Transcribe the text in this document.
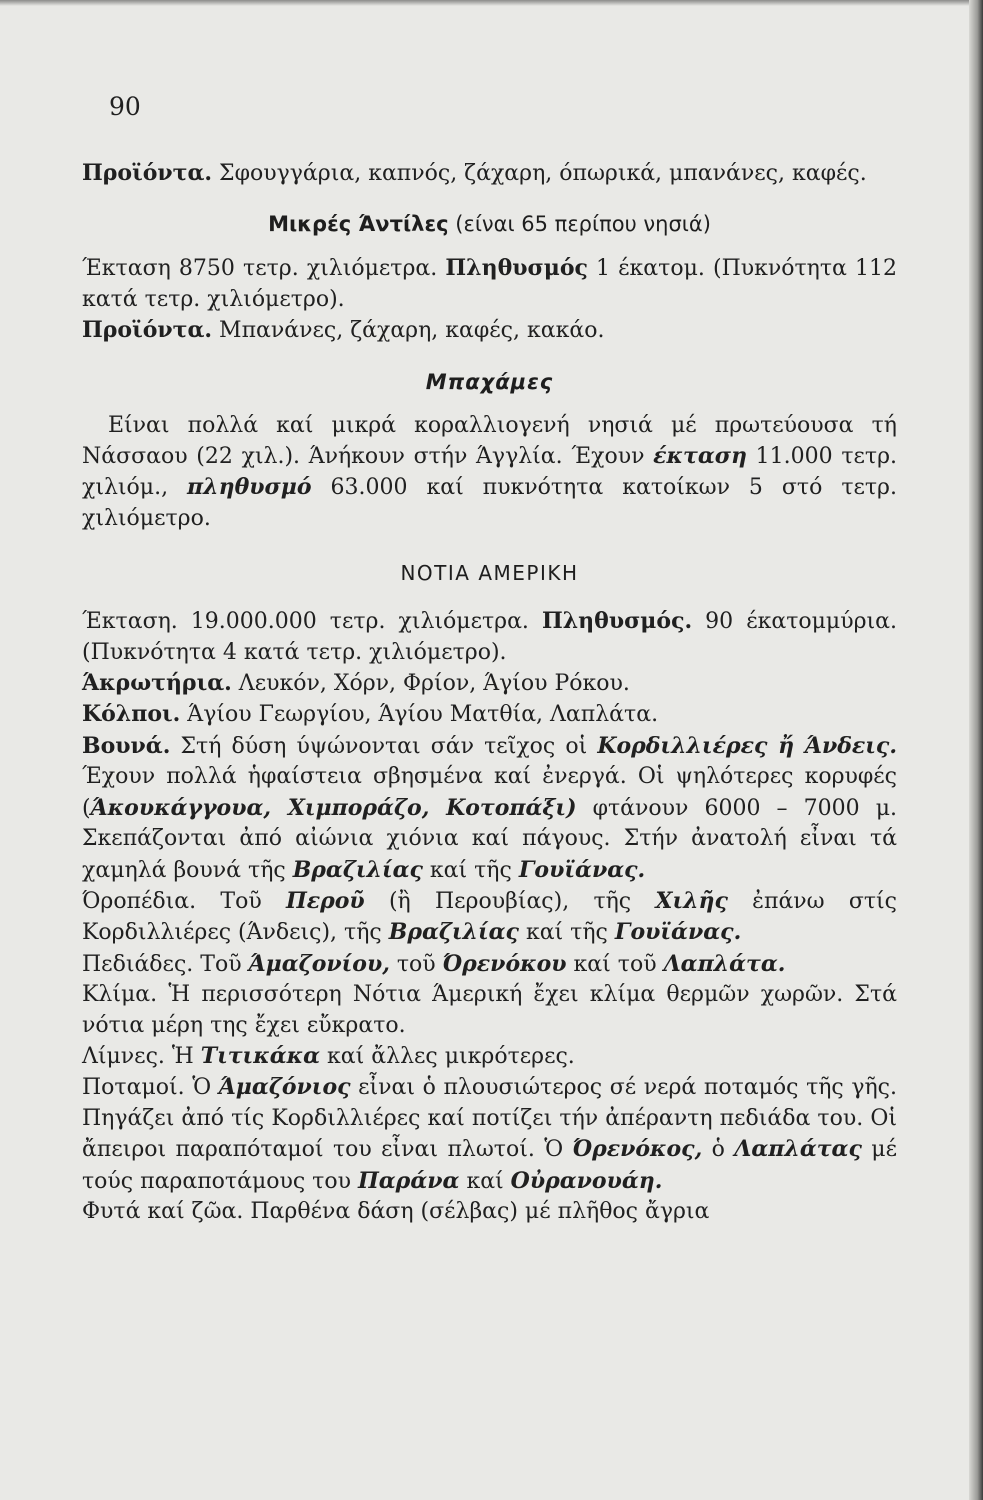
90

Προϊόντα. Σφουγγάρια, καπνός, ζάχαρη, όπωρικά, μπανάνες, καφές.

Μικρές Άντίλες (είναι 65 περίπου νησιά)

Έκταση 8750 τετρ. χιλιόμετρα. Πληθυσμός 1 έκατομ. (Πυκνότητα 112 κατά τετρ. χιλιόμετρο).

Προϊόντα. Μπανάνες, ζάχαρη, καφές, κακάο.

Μπαχάμες

Είναι πολλά καί μικρά κοραλλιογενή νησιά μέ πρωτεύουσα τή Νάσσαου (22 χιλ.). Άνήκουν στήν Άγγλία. Έχουν έκταση 11.000 τετρ. χιλιόμ., πληθυσμό 63.000 καί πυκνότητα κατοίκων 5 στό τετρ. χιλιόμετρο.

ΝΟΤΙΑ ΑΜΕΡΙΚΗ

Έκταση. 19.000.000 τετρ. χιλιόμετρα. Πληθυσμός. 90 έκατομμύρια. (Πυκνότητα 4 κατά τετρ. χιλιόμετρο).

Άκρωτήρια. Λευκόν, Χόρν, Φρίον, Άγίου Ρόκου.

Κόλποι. Άγίου Γεωργίου, Άγίου Ματθία, Λαπλάτα.

Βουνά. Στή δύση ύψώνονται σάν τεῖχος οἱ Κορδιλλιέρες ἤ Άνδεις. Έχουν πολλά ἡφαίστεια σβησμένα καί ἐνεργά. Οἱ ψηλότερες κορυφές (Άκουκάγγουα, Χιμποράζο, Κοτοπάξι) φτάνουν 6000 – 7000 μ. Σκεπάζονται ἀπό αἰώνια χιόνια καί πάγους. Στήν ἀνατολή εἶναι τά χαμηλά βουνά τῆς Βραζιλίας καί τῆς Γουϊάνας.

Όροπέδια. Τοῦ Περοῦ (ἢ Περουβίας), τῆς Χιλῆς ἐπάνω στίς Κορδιλλιέρες (Άνδεις), τῆς Βραζιλίας καί τῆς Γουϊάνας.

Πεδιάδες. Τοῦ Άμαζονίου, τοῦ Όρενόκου καί τοῦ Λαπλάτα.

Κλίμα. Ἡ περισσότερη Νότια Άμερική ἔχει κλίμα θερμῶν χωρῶν. Στά νότια μέρη της ἔχει εὔκρατο.

Λίμνες. Ἡ Τιτικάκα καί ἄλλες μικρότερες.

Ποταμοί. Ὁ Άμαζόνιος εἶναι ὁ πλουσιώτερος σέ νερά ποταμός τῆς γῆς. Πηγάζει ἀπό τίς Κορδιλλιέρες καί ποτίζει τήν ἀπέραντη πεδιάδα του. Οἱ ἄπειροι παραπόταμοί του εἶναι πλωτοί. Ὁ Όρενόκος, ὁ Λαπλάτας μέ τούς παραποτάμους του Παράνα καί Οὐρανουάη.

Φυτά καί ζῶα. Παρθένα δάση (σέλβας) μέ πλῆθος ἄγρια
